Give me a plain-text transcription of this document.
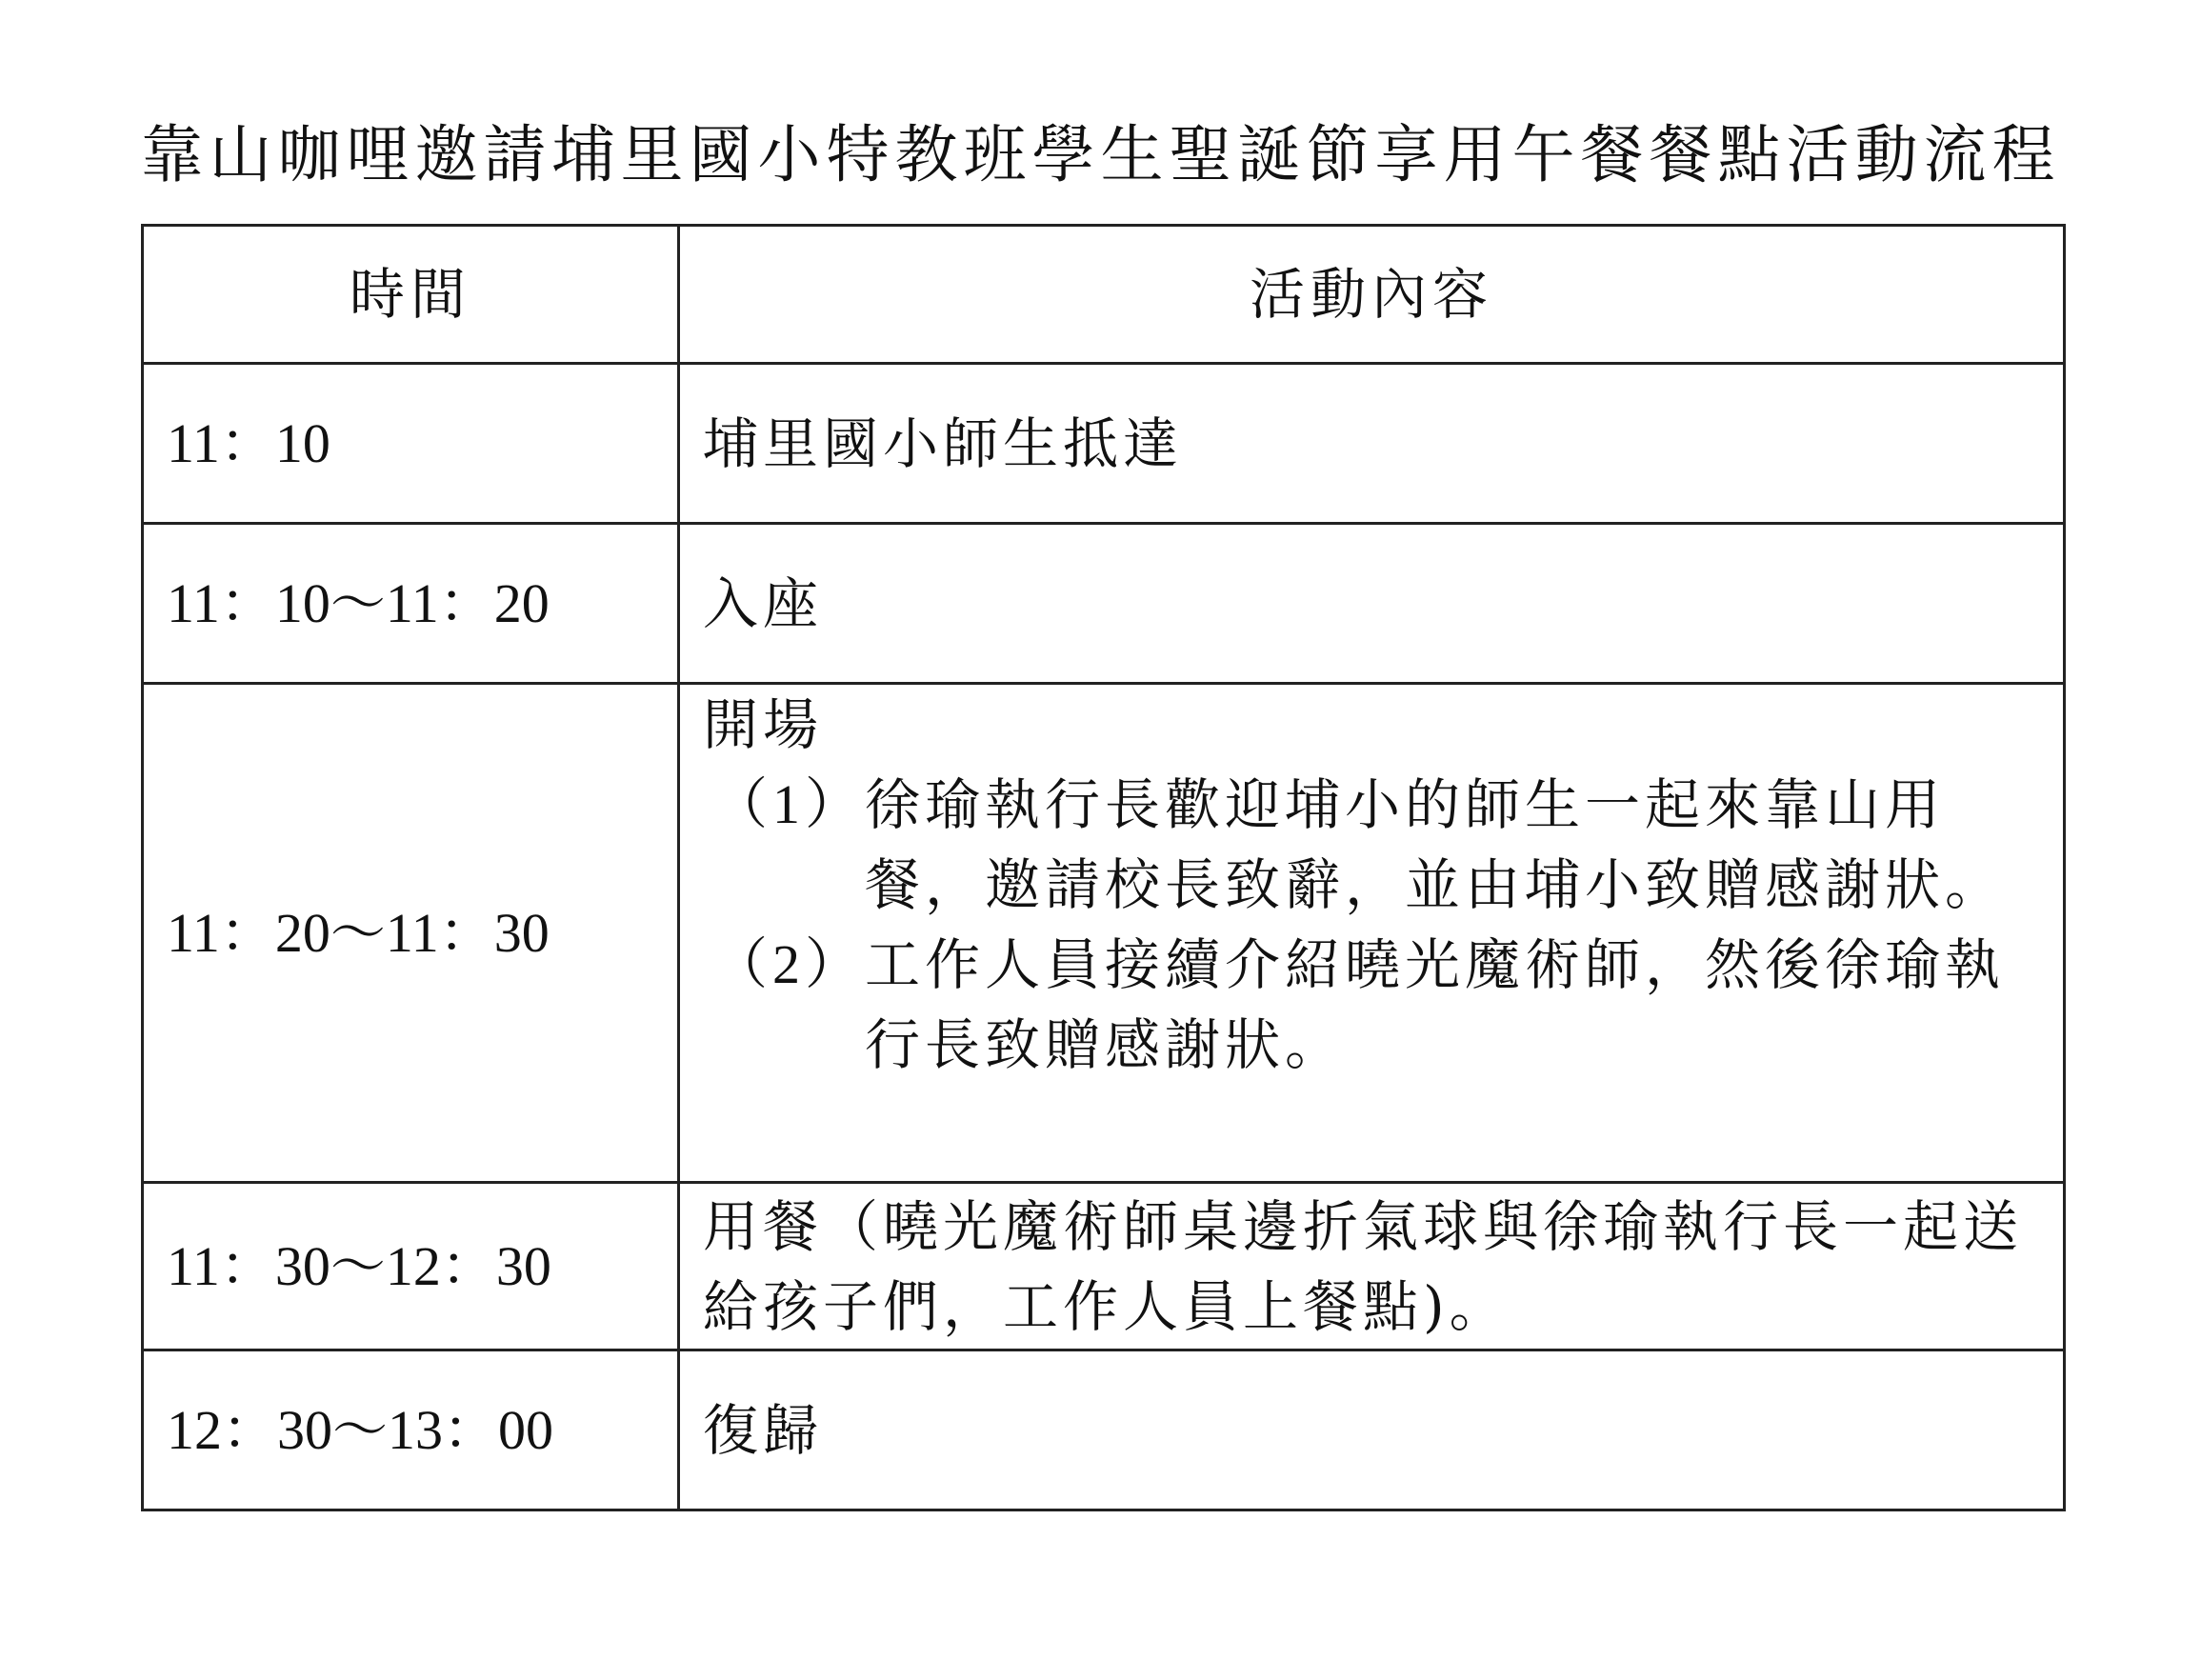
靠山咖哩邀請埔里國小特教班學生聖誕節享用午餐餐點活動流程
時間	活動內容
11：10	埔里國小師生抵達
11：10～11：20	入座
11：20～11：30	開場
（1） 徐瑜執行長歡迎埔小的師生一起來靠山用餐，邀請校長致辭，並由埔小致贈感謝狀。
（2） 工作人員接續介紹曉光魔術師，然後徐瑜執行長致贈感謝狀。

11：30～12：30	用餐（曉光魔術師桌邊折氣球與徐瑜執行長一起送給孩子們，工作人員上餐點)。
12：30～13：00	復歸
